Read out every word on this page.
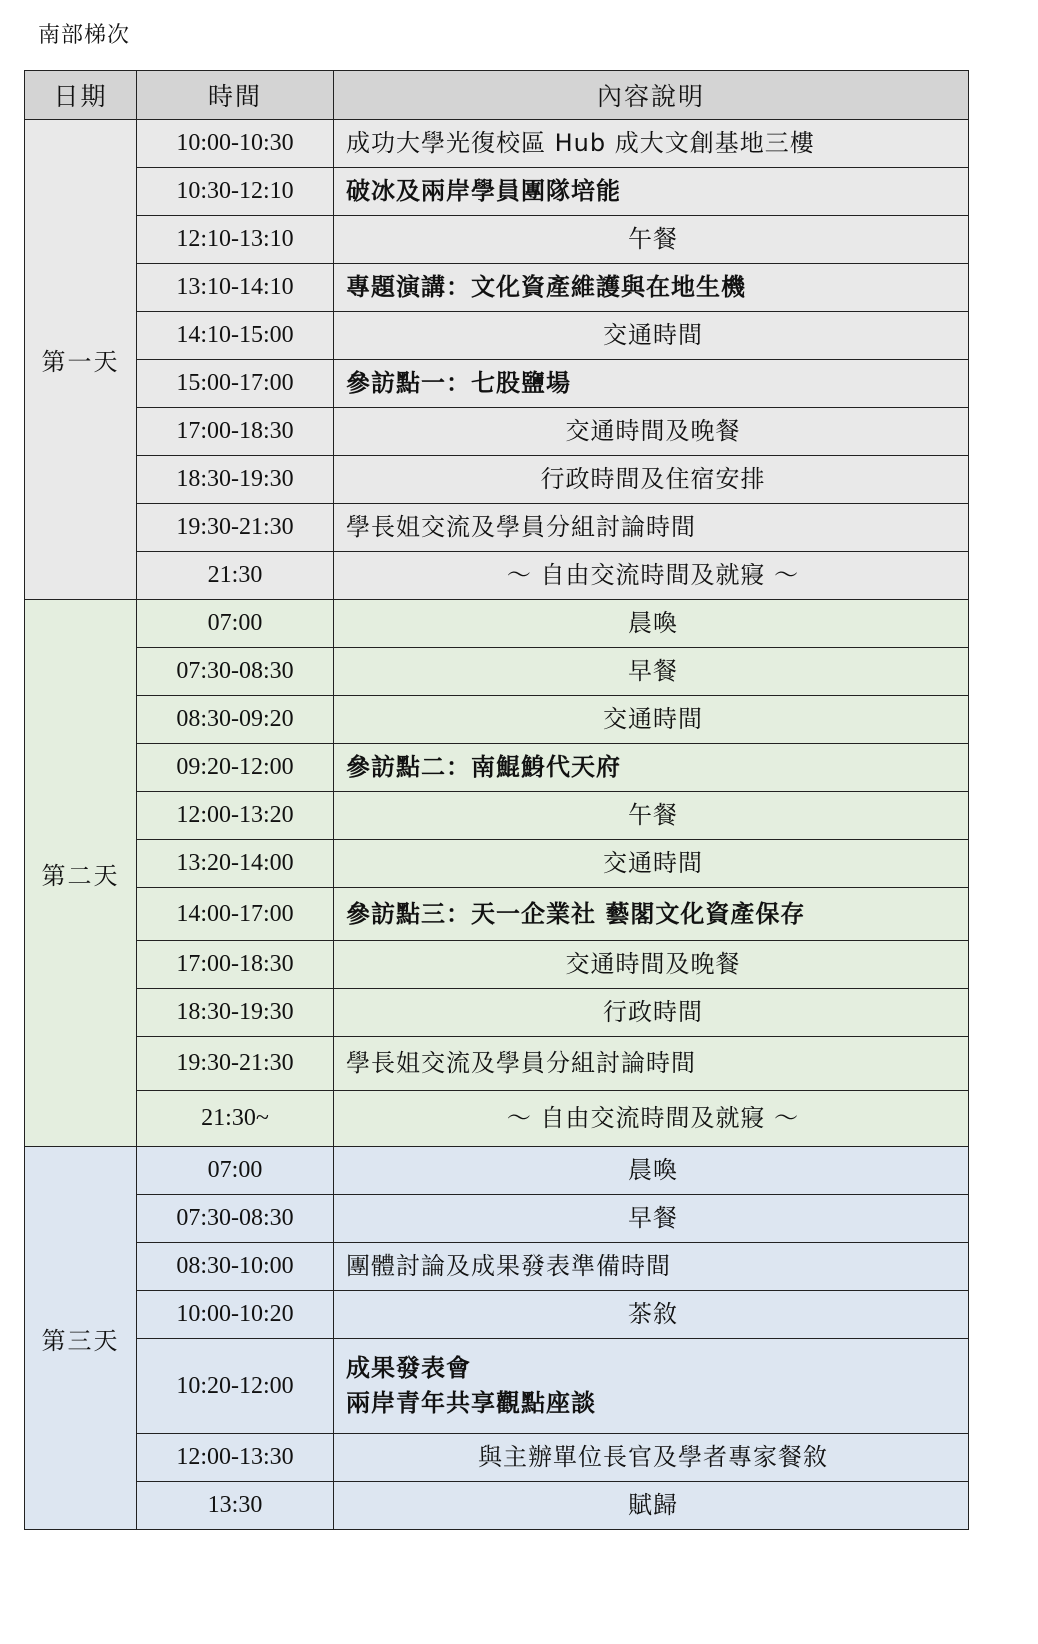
南部梯次
日期	時間	內容說明
第一天	10:00-10:30	成功大學光復校區 Hub 成大文創基地三樓

	10:30-12:10	破冰及兩岸學員團隊培能

	12:10-13:10	午餐

	13:10-14:10	專題演講：文化資產維護與在地生機

	14:10-15:00	交通時間

	15:00-17:00	參訪點一：七股鹽場

	17:00-18:30	交通時間及晚餐

	18:30-19:30	行政時間及住宿安排

	19:30-21:30	學長姐交流及學員分組討論時間

	21:30	～ 自由交流時間及就寢 ～

第二天	07:00	晨喚

	07:30-08:30	早餐

	08:30-09:20	交通時間

	09:20-12:00	參訪點二：南鯤鯓代天府

	12:00-13:20	午餐

	13:20-14:00	交通時間

	14:00-17:00	參訪點三：天一企業社 藝閣文化資產保存

	17:00-18:30	交通時間及晚餐

	18:30-19:30	行政時間

	19:30-21:30	學長姐交流及學員分組討論時間

	21:30~	～ 自由交流時間及就寢 ～

第三天	07:00	晨喚

	07:30-08:30	早餐

	08:30-10:00	團體討論及成果發表準備時間

	10:00-10:20	茶敘

	10:20-12:00	成果發表會
兩岸青年共享觀點座談

	12:00-13:30	與主辦單位長官及學者專家餐敘

	13:30	賦歸
